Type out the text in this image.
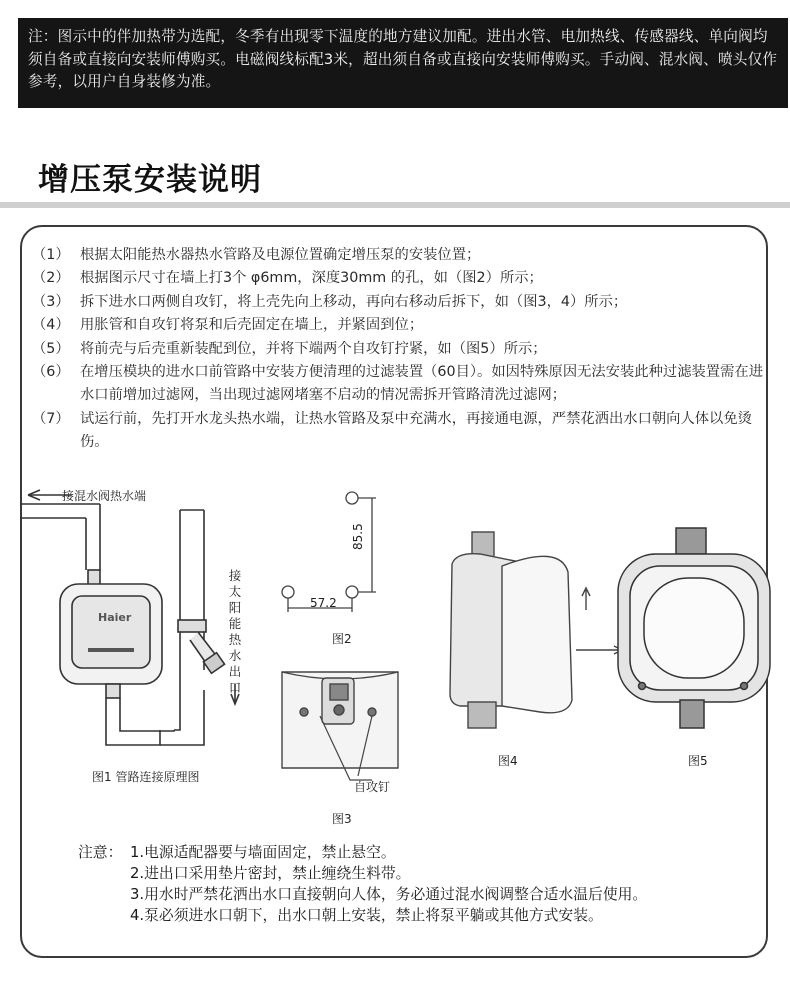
注：图示中的伴加热带为选配，冬季有出现零下温度的地方建议加配。进出水管、电加热线、传感器线、单向阀均须自备或直接向安装师傅购买。电磁阀线标配3米，超出须自备或直接向安装师傅购买。手动阀、混水阀、喷头仅作参考，以用户自身装修为准。
增压泵安装说明
（1） 根据太阳能热水器热水管路及电源位置确定增压泵的安装位置；
（2） 根据图示尺寸在墙上打3个 φ6mm，深度30mm 的孔，如（图2）所示；
（3） 拆下进水口两侧自攻钉，将上壳先向上移动，再向右移动后拆下，如（图3，4）所示；
（4） 用胀管和自攻钉将泵和后壳固定在墙上，并紧固到位；
（5） 将前壳与后壳重新装配到位，并将下端两个自攻钉拧紧，如（图5）所示；
（6） 在增压模块的进水口前管路中安装方便清理的过滤装置（60目）。如因特殊原因无法安装此种过滤装置需在进水口前增加过滤网，当出现过滤网堵塞不启动的情况需拆开管路清洗过滤网；
（7） 试运行前，先打开水龙头热水端，让热水管路及泵中充满水，再接通电源，严禁花洒出水口朝向人体以免烫伤。
接混水阀热水端
接太阳能热水出口
Haier
图1 管路连接原理图
57.2
85.5
图2
自攻钉
图3
图4	图5
注意： 1.电源适配器要与墙面固定，禁止悬空。
2.进出口采用垫片密封，禁止缠绕生料带。
3.用水时严禁花洒出水口直接朝向人体，务必通过混水阀调整合适水温后使用。
4.泵必须进水口朝下，出水口朝上安装，禁止将泵平躺或其他方式安装。
